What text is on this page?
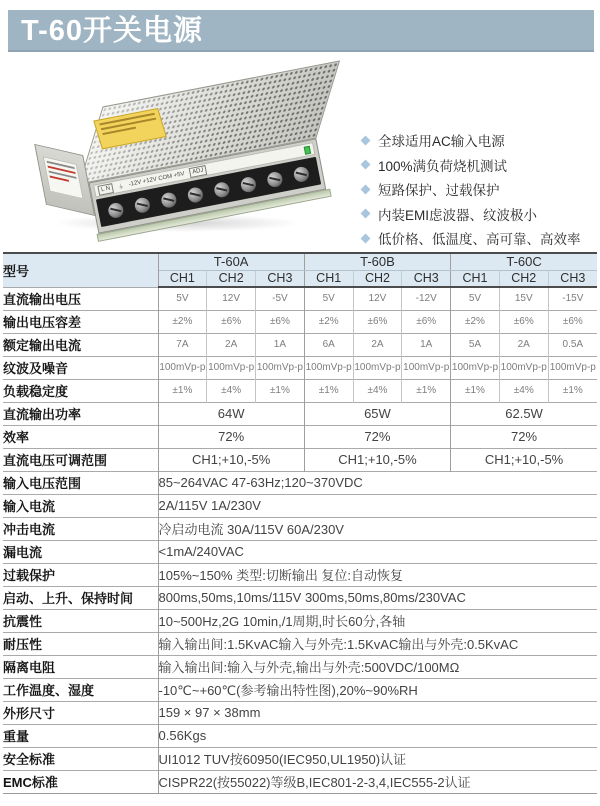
T-60开关电源
L N	⏚
-12V +12V COM +5V	ADJ
全球适用AC输入电源
100%满负荷烧机测试
短路保护、过载保护
内装EMI虑波器、纹波极小
低价格、低温度、高可靠、高效率
型号	T-60A			T-60B			T-60C		
	CH1	CH2	CH3	CH1	CH2	CH3	CH1	CH2	CH3
直流输出电压	5V	12V	-5V	5V	12V	-12V	5V	15V	-15V
输出电压容差	±2%	±6%	±6%	±2%	±6%	±6%	±2%	±6%	±6%
额定输出电流	7A	2A	1A	6A	2A	1A	5A	2A	0.5A
纹波及噪音	100mVp-p	100mVp-p	100mVp-p	100mVp-p	100mVp-p	100mVp-p	100mVp-p	100mVp-p	100mVp-p
负载稳定度	±1%	±4%	±1%	±1%	±4%	±1%	±1%	±4%	±1%
直流输出功率	64W			65W			62.5W		
效率	72%			72%			72%		
直流电压可调范围	CH1;+10,-5%			CH1;+10,-5%			CH1;+10,-5%		
输入电压范围	85~264VAC 47-63Hz;120~370VDC								
输入电流	2A/115V 1A/230V								
冲击电流	冷启动电流 30A/115V 60A/230V								
漏电流	<1mA/240VAC								
过载保护	105%~150% 类型:切断输出 复位:自动恢复								
启动、上升、保持时间	800ms,50ms,10ms/115V 300ms,50ms,80ms/230VAC								
抗震性	10~500Hz,2G 10min,/1周期,时长60分,各轴								
耐压性	输入输出间:1.5KvAC输入与外壳:1.5KvAC输出与外壳:0.5KvAC								
隔离电阻	输入输出间:输入与外壳,输出与外壳:500VDC/100MΩ								
工作温度、湿度	-10℃~+60℃(参考输出特性图),20%~90%RH								
外形尺寸	159 × 97 × 38mm								
重量	0.56Kgs								
安全标准	UI1012 TUV按60950(IEC950,UL1950)认证								
EMC标准	CISPR22(按55022)等级B,IEC801-2-3,4,IEC555-2认证								
